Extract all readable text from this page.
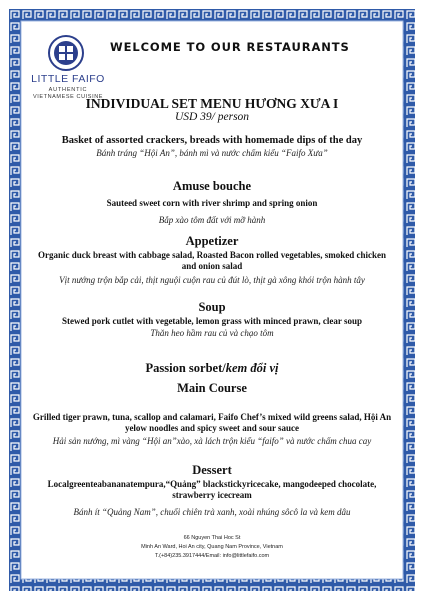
LITTLE FAIFO
AUTHENTIC
VIETNAMESE CUISINE
WELCOME TO OUR RESTAURANTS
INDIVIDUAL SET MENU HƯƠNG XƯA I
USD 39/ person
Basket of assorted crackers, breads with homemade dips of the day
Bánh tráng “Hội An”, bánh mì và nước chấm kiểu “Faifo Xưa”
Amuse bouche
Sauteed sweet corn with river shrimp and spring onion
Bắp xào tôm đất với mỡ hành
Appetizer
Organic duck breast with cabbage salad, Roasted Bacon rolled vegetables, smoked chicken and onion salad
Vịt nướng trộn bắp cải, thịt nguội cuộn rau củ đút lò, thịt gà xông khói trộn hành tây
Soup
Stewed pork cutlet with vegetable, lemon grass with minced prawn, clear soup
Thăn heo hầm rau củ và chạo tôm
Passion sorbet/kem đổi vị
Main Course
Grilled tiger prawn, tuna, scallop and calamari, Faifo Chef’s mixed wild greens salad, Hội An yelow noodles and spicy sweet and sour sauce
Hải sản nướng, mì vàng “Hội an”xào, xà lách trộn kiểu “faifo” và nước chấm chua cay
Dessert
Localgreenteabananatempura,“Quảng” blackstickyricecake, mangodeeped chocolate, strawberry icecream
Bánh ít “Quảng Nam”, chuối chiên trà xanh, xoài nhúng sôcô la và kem dâu
66 Nguyen Thai Hoc St
Minh An Ward, Hoi An city, Quang Nam Province, Vietnam
T.(+84)235.3917444/Email: info@littlefaifo.com
